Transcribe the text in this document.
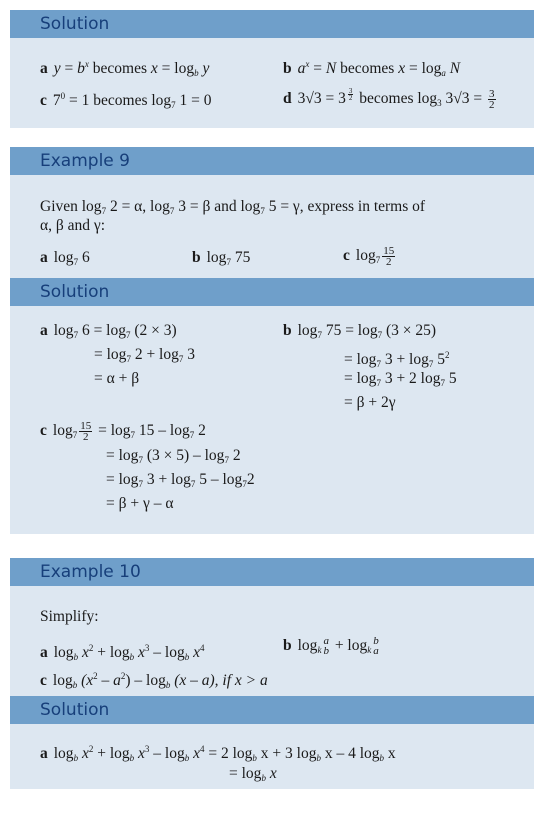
Solution
a $y = b^x$ becomes $x = \log_b y$	b $a^x = N$ becomes $x = \log_a N$
c $7^0 = 1$ becomes $\log_7 1 = 0$	d 3√3 = 3 $^{\frac{3}{2}}$ becomes $\log_3 3√3 = \frac{3}{2}$
Example 9
Given $\log_7 2 = \alpha$, $\log_7 3 = \beta$ and $\log_7 5 = \gamma$, express in terms of
α, β and γ:
a $\log_7 6$	b $\log_7 75$	c $\log_7 \frac{15}{2}$
Solution
a $\log_7 6 = \log_7 (2 \times 3)$
= $\log_7 2 + \log_7 3$
= α + β
b $\log_7 75 = \log_7 (3 \times 25)$
= $\log_7 3 + \log_7 5^2$
= $\log_7 3 + 2$ $\log_7 5$
= β + 2γ
c $\log_7 \frac{15}{2} = \log_7 15 - \log_7 2$
= $\log_7 (3 \times 5) - \log_7 2$
= $\log_7 3 + \log_7 5 - \log_72$
= β + γ – α
Example 10
Simplify:
a $\log_b x^2 + \log_b x^3 - \log_b x^4$	b $\log_k$
a
$b + \log_k$
b
a
c $\log_b (x^2 - a^2) - \log_b (x - a)$, if x > a
Solution
a $\log_b x^2 + \log_b x^3 - \log_b x^4 = 2$ $\log_b x + 3$ $\log_b x - 4$ $\log_b x$
= $\log_b x$
